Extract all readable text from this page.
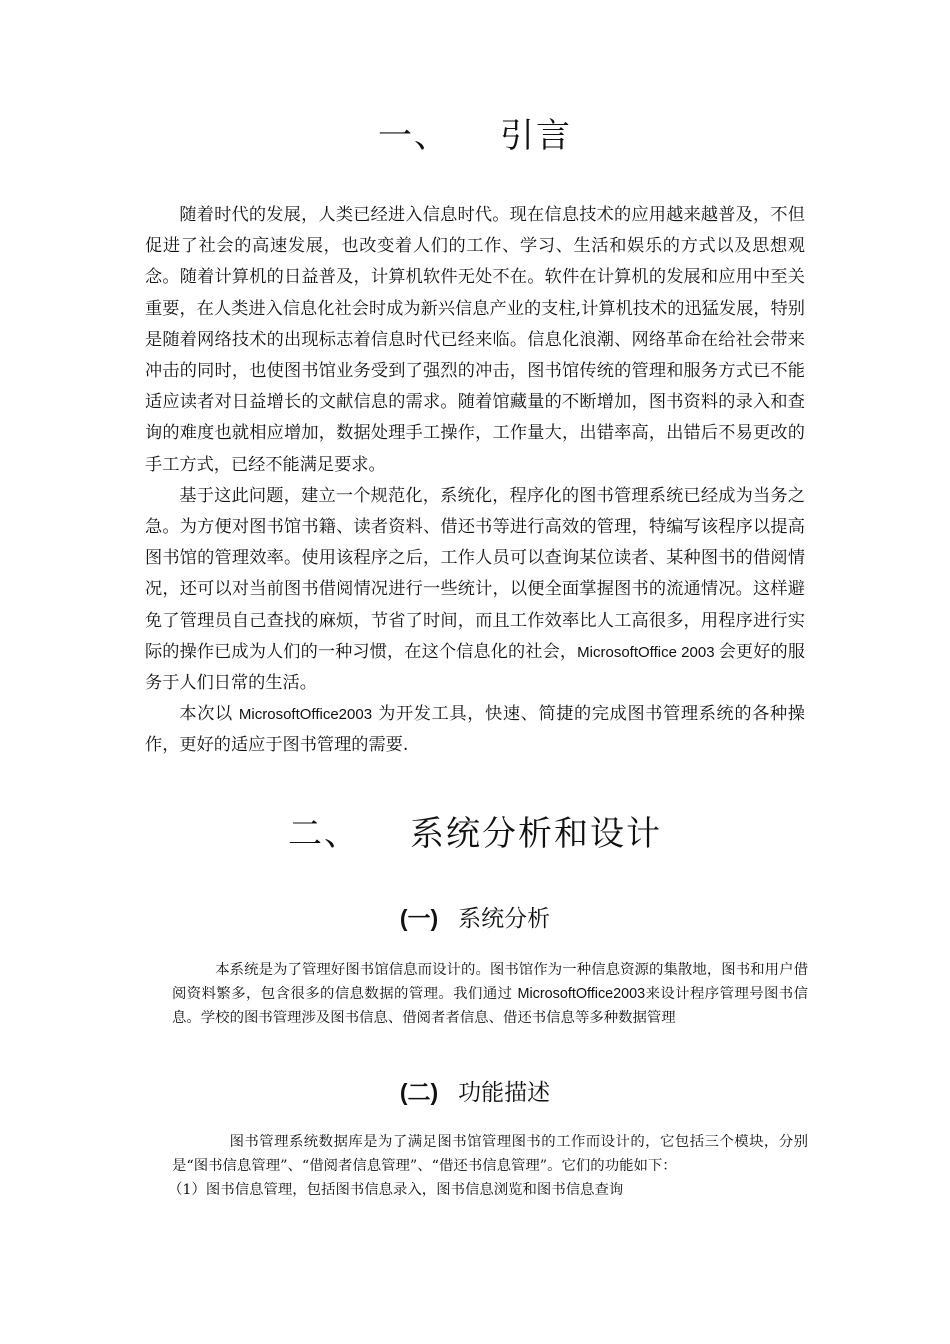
一、 引言

随着时代的发展，人类已经进入信息时代。现在信息技术的应用越来越普及，不但促进了社会的高速发展，也改变着人们的工作、学习、生活和娱乐的方式以及思想观念。随着计算机的日益普及，计算机软件无处不在。软件在计算机的发展和应用中至关重要，在人类进入信息化社会时成为新兴信息产业的支柱,计算机技术的迅猛发展，特别是随着网络技术的出现标志着信息时代已经来临。信息化浪潮、网络革命在给社会带来冲击的同时，也使图书馆业务受到了强烈的冲击，图书馆传统的管理和服务方式已不能适应读者对日益增长的文献信息的需求。随着馆藏量的不断增加，图书资料的录入和查询的难度也就相应增加，数据处理手工操作，工作量大，出错率高，出错后不易更改的手工方式，已经不能满足要求。

基于这此问题，建立一个规范化，系统化，程序化的图书管理系统已经成为当务之急。为方便对图书馆书籍、读者资料、借还书等进行高效的管理，特编写该程序以提高图书馆的管理效率。使用该程序之后，工作人员可以查询某位读者、某种图书的借阅情况，还可以对当前图书借阅情况进行一些统计，以便全面掌握图书的流通情况。这样避免了管理员自己查找的麻烦，节省了时间，而且工作效率比人工高很多，用程序进行实际的操作已成为人们的一种习惯，在这个信息化的社会，MicrosoftOffice 2003 会更好的服务于人们日常的生活。

本次以 MicrosoftOffice2003 为开发工具，快速、简捷的完成图书管理系统的各种操作，更好的适应于图书管理的需要.

二、 系统分析和设计
(一) 系统分析

本系统是为了管理好图书馆信息而设计的。图书馆作为一种信息资源的集散地，图书和用户借阅资料繁多，包含很多的信息数据的管理。我们通过 MicrosoftOffice2003来设计程序管理号图书信息。学校的图书管理涉及图书信息、借阅者者信息、借还书信息等多种数据管理

(二) 功能描述

图书管理系统数据库是为了满足图书馆管理图书的工作而设计的，它包括三个模块，分别是“图书信息管理”、“借阅者信息管理”、“借还书信息管理”。它们的功能如下：

（1）图书信息管理，包括图书信息录入，图书信息浏览和图书信息查询
